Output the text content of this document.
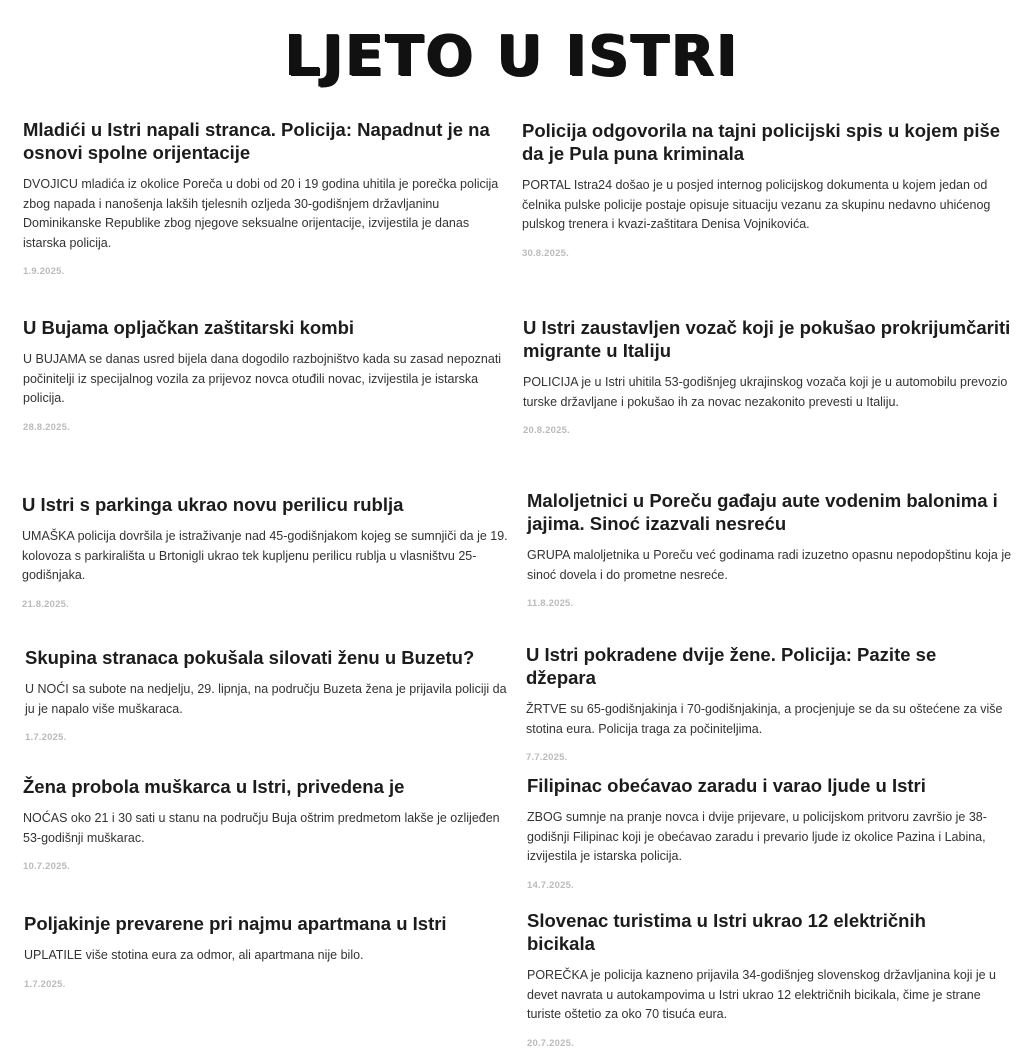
LJETO U ISTRI
Mladići u Istri napali stranca. Policija: Napadnut je na osnovi spolne orijentacije
DVOJICU mladića iz okolice Poreča u dobi od 20 i 19 godina uhitila je porečka policija zbog napada i nanošenja lakših tjelesnih ozljeda 30-godišnjem državljaninu Dominikanske Republike zbog njegove seksualne orijentacije, izvijestila je danas istarska policija.
1.9.2025.
U Bujama opljačkan zaštitarski kombi
U BUJAMA se danas usred bijela dana dogodilo razbojništvo kada su zasad nepoznati počinitelji iz specijalnog vozila za prijevoz novca otuđili novac, izvijestila je istarska policija.
28.8.2025.
U Istri s parkinga ukrao novu perilicu rublja
UMAŠKA policija dovršila je istraživanje nad 45-godišnjakom kojeg se sumnjiči da je 19. kolovoza s parkirališta u Brtonigli ukrao tek kupljenu perilicu rublja u vlasništvu 25-godišnjaka.
21.8.2025.
Skupina stranaca pokušala silovati ženu u Buzetu?
U NOĆI sa subote na nedjelju, 29. lipnja, na području Buzeta žena je prijavila policiji da ju je napalo više muškaraca.
1.7.2025.
Žena probola muškarca u Istri, privedena je
NOĆAS oko 21 i 30 sati u stanu na području Buja oštrim predmetom lakše je ozlijeđen 53-godišnji muškarac.
10.7.2025.
Poljakinje prevarene pri najmu apartmana u Istri
UPLATILE više stotina eura za odmor, ali apartmana nije bilo.
1.7.2025.
Policija odgovorila na tajni policijski spis u kojem piše da je Pula puna kriminala
PORTAL Istra24 došao je u posjed internog policijskog dokumenta u kojem jedan od čelnika pulske policije postaje opisuje situaciju vezanu za skupinu nedavno uhićenog pulskog trenera i kvazi-zaštitara Denisa Vojnikovića.
30.8.2025.
U Istri zaustavljen vozač koji je pokušao prokrijumčariti migrante u Italiju
POLICIJA je u Istri uhitila 53-godišnjeg ukrajinskog vozača koji je u automobilu prevozio turske državljane i pokušao ih za novac nezakonito prevesti u Italiju.
20.8.2025.
Maloljetnici u Poreču gađaju aute vodenim balonima i jajima. Sinoć izazvali nesreću
GRUPA maloljetnika u Poreču već godinama radi izuzetno opasnu nepodopštinu koja je sinoć dovela i do prometne nesreće.
11.8.2025.
U Istri pokradene dvije žene. Policija: Pazite se džepara
ŽRTVE su 65-godišnjakinja i 70-godišnjakinja, a procjenjuje se da su oštećene za više stotina eura. Policija traga za počiniteljima.
7.7.2025.
Filipinac obećavao zaradu i varao ljude u Istri
ZBOG sumnje na pranje novca i dvije prijevare, u policijskom pritvoru završio je 38-godišnji Filipinac koji je obećavao zaradu i prevario ljude iz okolice Pazina i Labina, izvijestila je istarska policija.
14.7.2025.
Slovenac turistima u Istri ukrao 12 električnih bicikala
POREČKA je policija kazneno prijavila 34-godišnjeg slovenskog državljanina koji je u devet navrata u autokampovima u Istri ukrao 12 električnih bicikala, čime je strane turiste oštetio za oko 70 tisuća eura.
20.7.2025.
